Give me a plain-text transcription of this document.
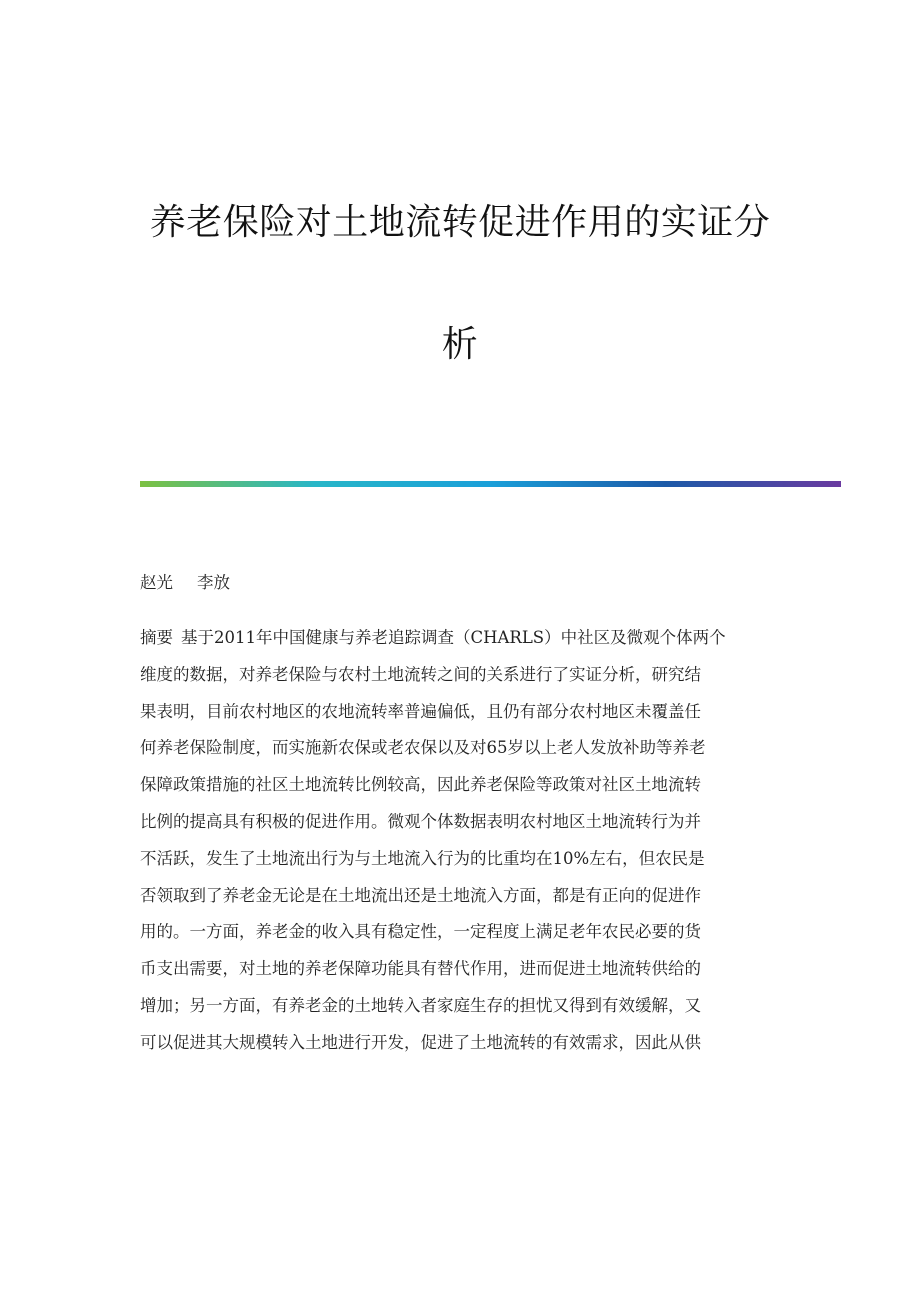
养老保险对土地流转促进作用的实证分
析
赵光 李放
摘要 基于2011年中国健康与养老追踪调查（CHARLS）中社区及微观个体两个
维度的数据，对养老保险与农村土地流转之间的关系进行了实证分析，研究结
果表明，目前农村地区的农地流转率普遍偏低，且仍有部分农村地区未覆盖任
何养老保险制度，而实施新农保或老农保以及对65岁以上老人发放补助等养老
保障政策措施的社区土地流转比例较高，因此养老保险等政策对社区土地流转
比例的提高具有积极的促进作用。微观个体数据表明农村地区土地流转行为并
不活跃，发生了土地流出行为与土地流入行为的比重均在10%左右，但农民是
否领取到了养老金无论是在土地流出还是土地流入方面，都是有正向的促进作
用的。一方面，养老金的收入具有稳定性，一定程度上满足老年农民必要的货
币支出需要，对土地的养老保障功能具有替代作用，进而促进土地流转供给的
增加；另一方面，有养老金的土地转入者家庭生存的担忧又得到有效缓解，又
可以促进其大规模转入土地进行开发，促进了土地流转的有效需求，因此从供
